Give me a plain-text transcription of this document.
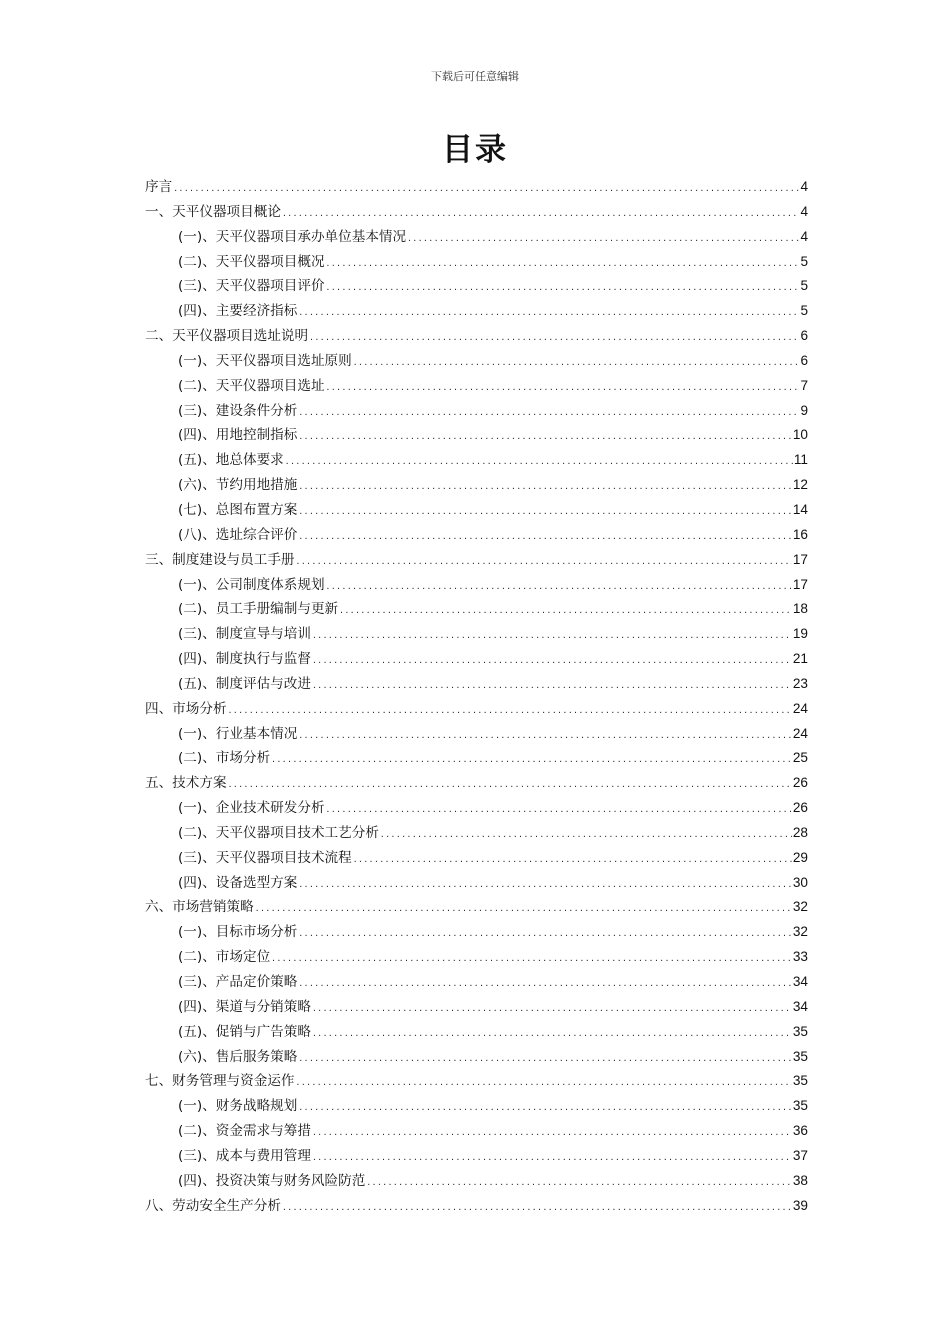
下载后可任意编辑
目录
序言 .....	4
一、天平仪器项目概论 .....	4
(一)、天平仪器项目承办单位基本情况 .....	4
(二)、天平仪器项目概况 .....	5
(三)、天平仪器项目评价 .....	5
(四)、主要经济指标 .....	5
二、天平仪器项目选址说明 .....	6
(一)、天平仪器项目选址原则 .....	6
(二)、天平仪器项目选址 .....	7
(三)、建设条件分析 .....	9
(四)、用地控制指标 .....	10
(五)、地总体要求 .....	11
(六)、节约用地措施 .....	12
(七)、总图布置方案 .....	14
(八)、选址综合评价 .....	16
三、制度建设与员工手册 .....	17
(一)、公司制度体系规划 .....	17
(二)、员工手册编制与更新 .....	18
(三)、制度宣导与培训 .....	19
(四)、制度执行与监督 .....	21
(五)、制度评估与改进 .....	23
四、市场分析 .....	24
(一)、行业基本情况 .....	24
(二)、市场分析 .....	25
五、技术方案 .....	26
(一)、企业技术研发分析 .....	26
(二)、天平仪器项目技术工艺分析 .....	28
(三)、天平仪器项目技术流程 .....	29
(四)、设备选型方案 .....	30
六、市场营销策略 .....	32
(一)、目标市场分析 .....	32
(二)、市场定位 .....	33
(三)、产品定价策略 .....	34
(四)、渠道与分销策略 .....	34
(五)、促销与广告策略 .....	35
(六)、售后服务策略 .....	35
七、财务管理与资金运作 .....	35
(一)、财务战略规划 .....	35
(二)、资金需求与筹措 .....	36
(三)、成本与费用管理 .....	37
(四)、投资决策与财务风险防范 .....	38
八、劳动安全生产分析 .....	39
